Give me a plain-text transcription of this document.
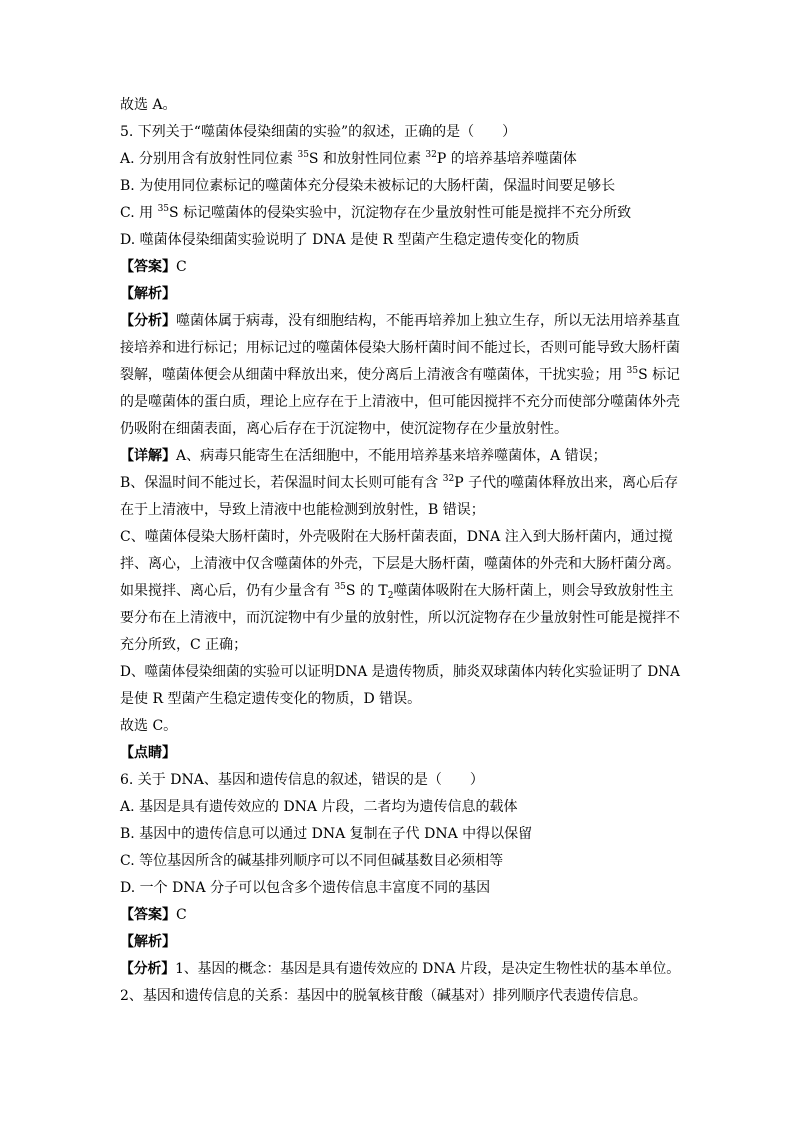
故选 A。
5. 下列关于“噬菌体侵染细菌的实验”的叙述，正确的是（　　）
A. 分别用含有放射性同位素 $^{35}$S 和放射性同位素 $^{32}$P 的培养基培养噬菌体
B. 为使用同位素标记的噬菌体充分侵染未被标记的大肠杆菌，保温时间要足够长
C. 用 $^{35}$S 标记噬菌体的侵染实验中，沉淀物存在少量放射性可能是搅拌不充分所致
D. 噬菌体侵染细菌实验说明了 DNA 是使 R 型菌产生稳定遗传变化的物质
【答案】C
【解析】
【分析】噬菌体属于病毒，没有细胞结构，不能再培养加上独立生存，所以无法用培养基直
接培养和进行标记；用标记过的噬菌体侵染大肠杆菌时间不能过长，否则可能导致大肠杆菌
裂解，噬菌体便会从细菌中释放出来，使分离后上清液含有噬菌体，干扰实验；用 $^{35}$S 标记
的是噬菌体的蛋白质，理论上应存在于上清液中，但可能因搅拌不充分而使部分噬菌体外壳
仍吸附在细菌表面，离心后存在于沉淀物中，使沉淀物存在少量放射性。
【详解】A、病毒只能寄生在活细胞中，不能用培养基来培养噬菌体，A 错误；
B、保温时间不能过长，若保温时间太长则可能有含 $^{32}$P 子代的噬菌体释放出来，离心后存
在于上清液中，导致上清液中也能检测到放射性，B 错误；
C、噬菌体侵染大肠杆菌时，外壳吸附在大肠杆菌表面，DNA 注入到大肠杆菌内，通过搅
拌、离心，上清液中仅含噬菌体的外壳，下层是大肠杆菌，噬菌体的外壳和大肠杆菌分离。
如果搅拌、离心后，仍有少量含有 $^{35}$S 的 $T_2$噬菌体吸附在大肠杆菌上，则会导致放射性主
要分布在上清液中，而沉淀物中有少量的放射性，所以沉淀物存在少量放射性可能是搅拌不
充分所致，C 正确；
D、噬菌体侵染细菌的实验可以证明DNA 是遗传物质，肺炎双球菌体内转化实验证明了 DNA
是使 R 型菌产生稳定遗传变化的物质，D 错误。
故选 C。
【点睛】
6. 关于 DNA、基因和遗传信息的叙述，错误的是（　　）
A. 基因是具有遗传效应的 DNA 片段，二者均为遗传信息的载体
B. 基因中的遗传信息可以通过 DNA 复制在子代 DNA 中得以保留
C. 等位基因所含的碱基排列顺序可以不同但碱基数目必须相等
D. 一个 DNA 分子可以包含多个遗传信息丰富度不同的基因
【答案】C
【解析】
【分析】1、基因的概念：基因是具有遗传效应的 DNA 片段，是决定生物性状的基本单位。
2、基因和遗传信息的关系：基因中的脱氧核苷酸（碱基对）排列顺序代表遗传信息。
